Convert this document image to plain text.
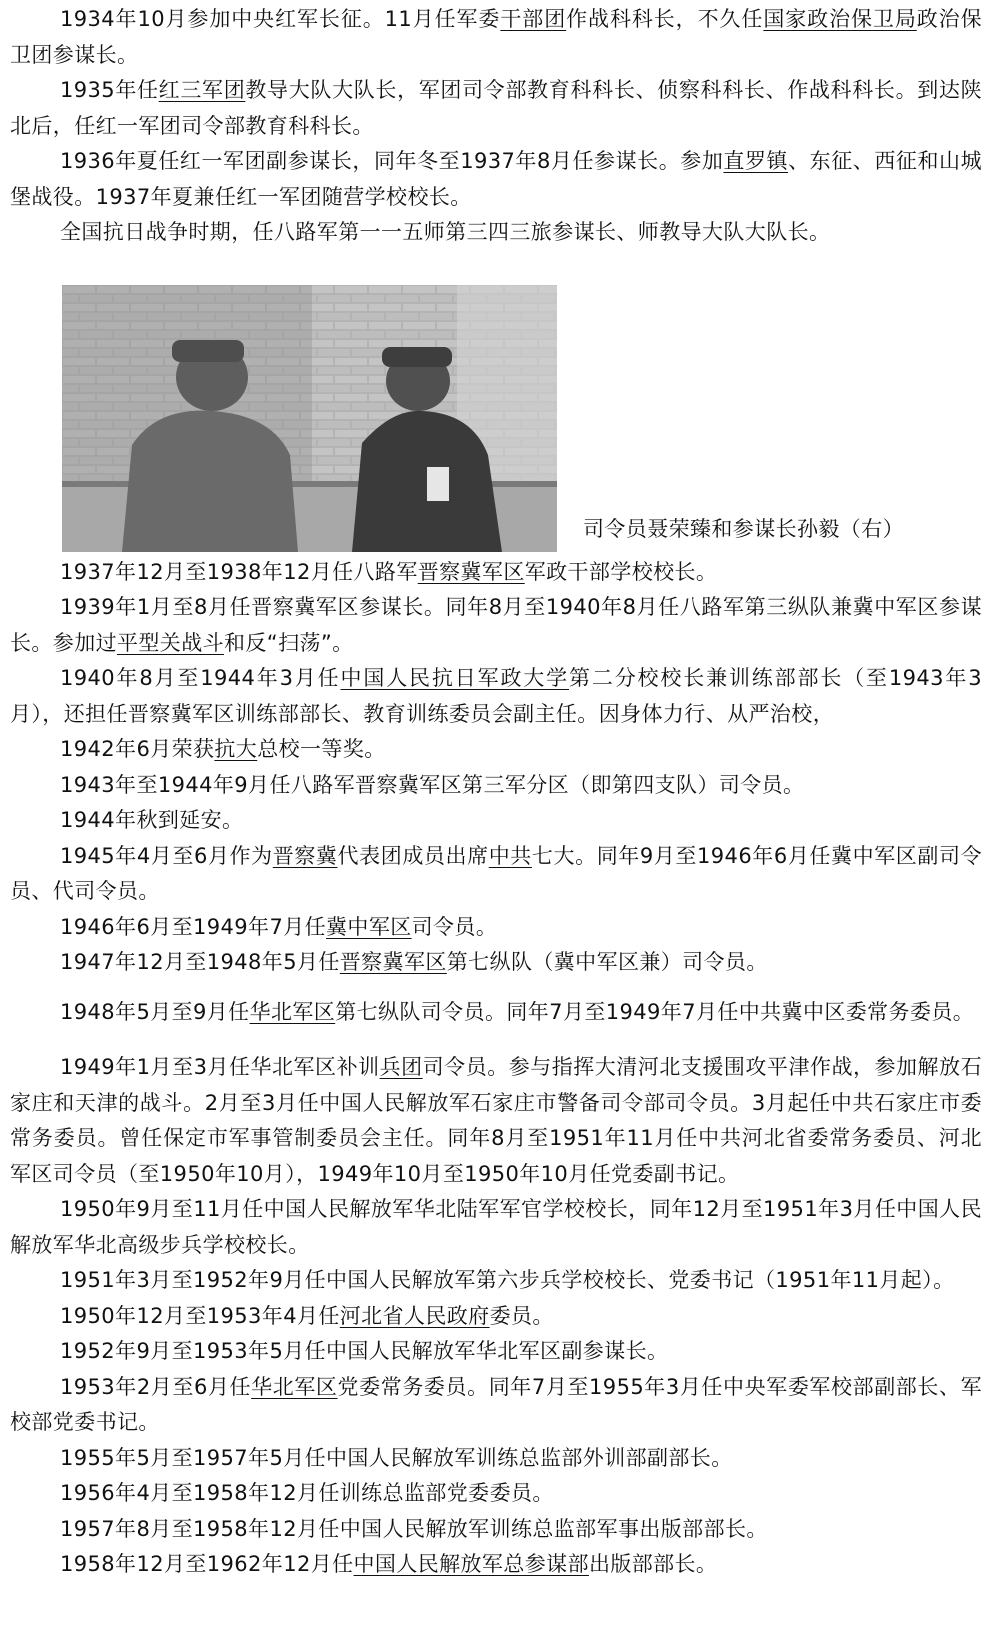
1934年10月参加中央红军长征。11月任军委干部团作战科科长，不久任国家政治保卫局政治保卫团参谋长。

1935年任红三军团教导大队大队长，军团司令部教育科科长、侦察科科长、作战科科长。到达陕北后，任红一军团司令部教育科科长。

1936年夏任红一军团副参谋长，同年冬至1937年8月任参谋长。参加直罗镇、东征、西征和山城堡战役。1937年夏兼任红一军团随营学校校长。

全国抗日战争时期，任八路军第一一五师第三四三旅参谋长、师教导大队大队长。

司令员聂荣臻和参谋长孙毅（右）

1937年12月至1938年12月任八路军晋察冀军区军政干部学校校长。

1939年1月至8月任晋察冀军区参谋长。同年8月至1940年8月任八路军第三纵队兼冀中军区参谋长。参加过平型关战斗和反“扫荡”。

1940年8月至1944年3月任中国人民抗日军政大学第二分校校长兼训练部部长（至1943年3月），还担任晋察冀军区训练部部长、教育训练委员会副主任。因身体力行、从严治校，

1942年6月荣获抗大总校一等奖。

1943年至1944年9月任八路军晋察冀军区第三军分区（即第四支队）司令员。

1944年秋到延安。

1945年4月至6月作为晋察冀代表团成员出席中共七大。同年9月至1946年6月任冀中军区副司令员、代司令员。

1946年6月至1949年7月任冀中军区司令员。

1947年12月至1948年5月任晋察冀军区第七纵队（冀中军区兼）司令员。

1948年5月至9月任华北军区第七纵队司令员。同年7月至1949年7月任中共冀中区委常务委员。

1949年1月至3月任华北军区补训兵团司令员。参与指挥大清河北支援围攻平津作战，参加解放石家庄和天津的战斗。2月至3月任中国人民解放军石家庄市警备司令部司令员。3月起任中共石家庄市委常务委员。曾任保定市军事管制委员会主任。同年8月至1951年11月任中共河北省委常务委员、河北军区司令员（至1950年10月），1949年10月至1950年10月任党委副书记。

1950年9月至11月任中国人民解放军华北陆军军官学校校长，同年12月至1951年3月任中国人民解放军华北高级步兵学校校长。

1951年3月至1952年9月任中国人民解放军第六步兵学校校长、党委书记（1951年11月起）。

1950年12月至1953年4月任河北省人民政府委员。

1952年9月至1953年5月任中国人民解放军华北军区副参谋长。

1953年2月至6月任华北军区党委常务委员。同年7月至1955年3月任中央军委军校部副部长、军校部党委书记。

1955年5月至1957年5月任中国人民解放军训练总监部外训部副部长。

1956年4月至1958年12月任训练总监部党委委员。

1957年8月至1958年12月任中国人民解放军训练总监部军事出版部部长。

1958年12月至1962年12月任中国人民解放军总参谋部出版部部长。
